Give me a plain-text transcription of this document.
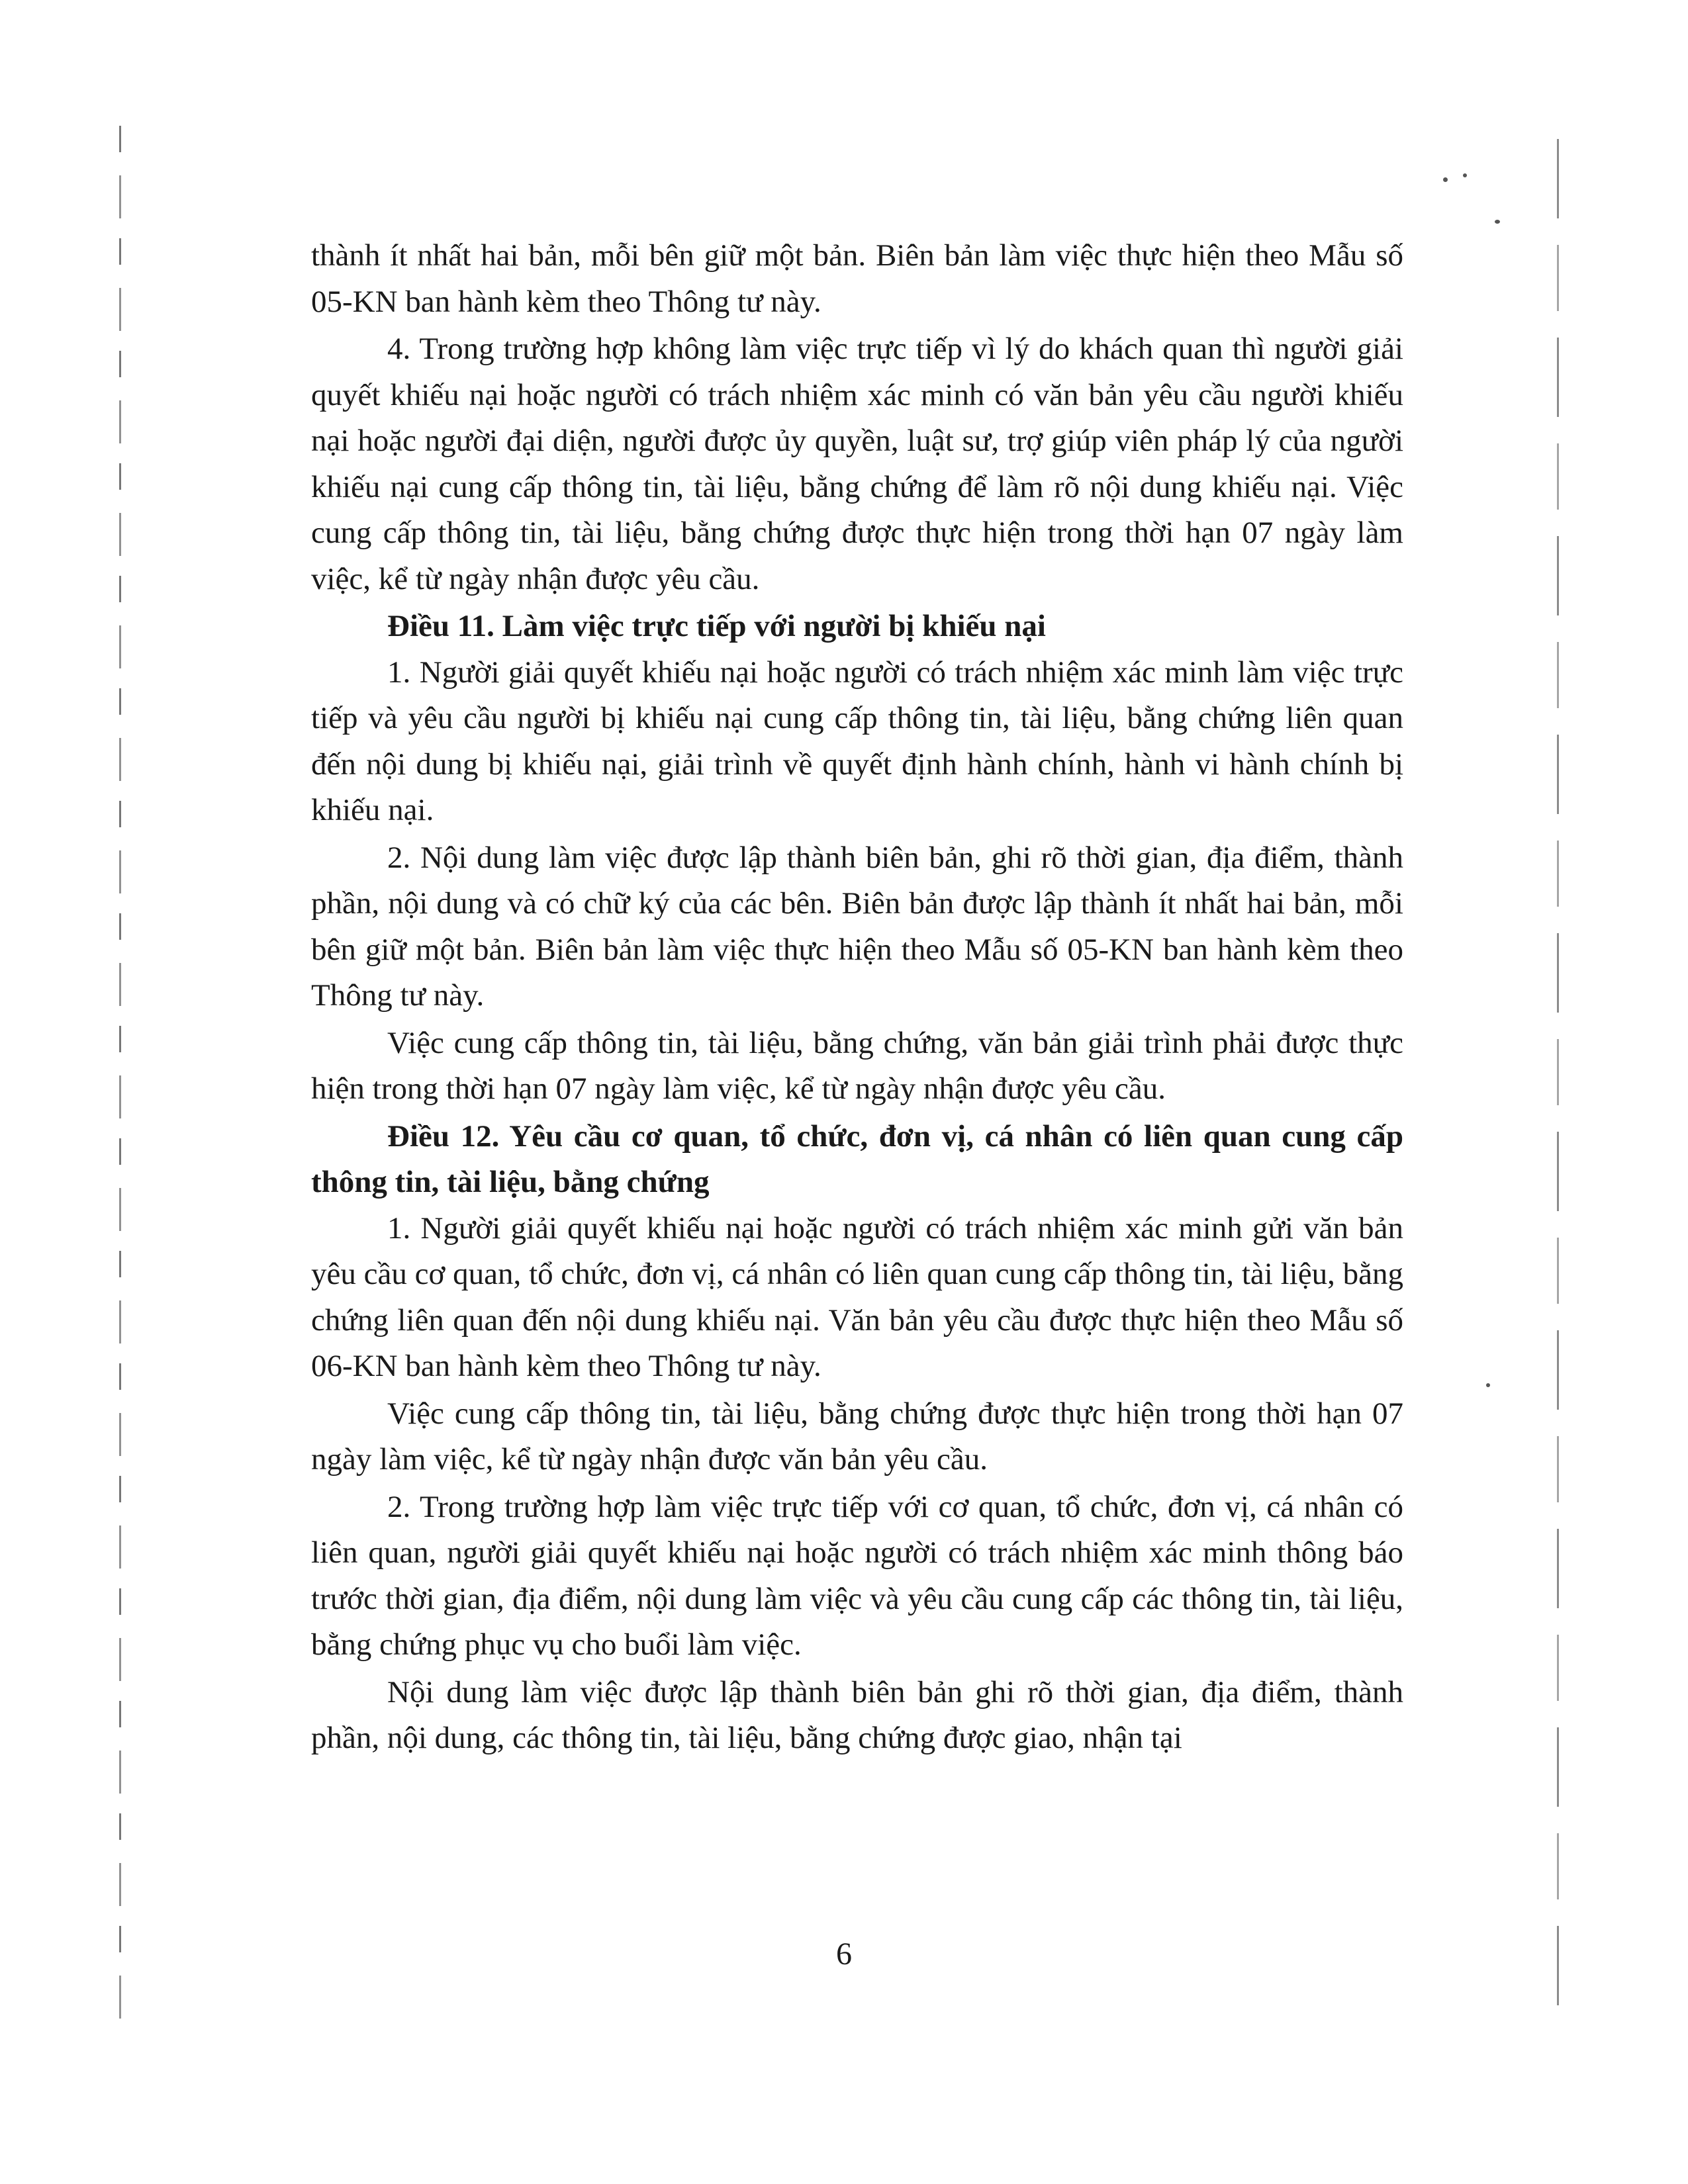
thành ít nhất hai bản, mỗi bên giữ một bản. Biên bản làm việc thực hiện theo Mẫu số 05-KN ban hành kèm theo Thông tư này.

4. Trong trường hợp không làm việc trực tiếp vì lý do khách quan thì người giải quyết khiếu nại hoặc người có trách nhiệm xác minh có văn bản yêu cầu người khiếu nại hoặc người đại diện, người được ủy quyền, luật sư, trợ giúp viên pháp lý của người khiếu nại cung cấp thông tin, tài liệu, bằng chứng để làm rõ nội dung khiếu nại. Việc cung cấp thông tin, tài liệu, bằng chứng được thực hiện trong thời hạn 07 ngày làm việc, kể từ ngày nhận được yêu cầu.

Điều 11. Làm việc trực tiếp với người bị khiếu nại

1. Người giải quyết khiếu nại hoặc người có trách nhiệm xác minh làm việc trực tiếp và yêu cầu người bị khiếu nại cung cấp thông tin, tài liệu, bằng chứng liên quan đến nội dung bị khiếu nại, giải trình về quyết định hành chính, hành vi hành chính bị khiếu nại.

2. Nội dung làm việc được lập thành biên bản, ghi rõ thời gian, địa điểm, thành phần, nội dung và có chữ ký của các bên. Biên bản được lập thành ít nhất hai bản, mỗi bên giữ một bản. Biên bản làm việc thực hiện theo Mẫu số 05-KN ban hành kèm theo Thông tư này.

Việc cung cấp thông tin, tài liệu, bằng chứng, văn bản giải trình phải được thực hiện trong thời hạn 07 ngày làm việc, kể từ ngày nhận được yêu cầu.

Điều 12. Yêu cầu cơ quan, tổ chức, đơn vị, cá nhân có liên quan cung cấp thông tin, tài liệu, bằng chứng

1. Người giải quyết khiếu nại hoặc người có trách nhiệm xác minh gửi văn bản yêu cầu cơ quan, tổ chức, đơn vị, cá nhân có liên quan cung cấp thông tin, tài liệu, bằng chứng liên quan đến nội dung khiếu nại. Văn bản yêu cầu được thực hiện theo Mẫu số 06-KN ban hành kèm theo Thông tư này.

Việc cung cấp thông tin, tài liệu, bằng chứng được thực hiện trong thời hạn 07 ngày làm việc, kể từ ngày nhận được văn bản yêu cầu.

2. Trong trường hợp làm việc trực tiếp với cơ quan, tổ chức, đơn vị, cá nhân có liên quan, người giải quyết khiếu nại hoặc người có trách nhiệm xác minh thông báo trước thời gian, địa điểm, nội dung làm việc và yêu cầu cung cấp các thông tin, tài liệu, bằng chứng phục vụ cho buổi làm việc.

Nội dung làm việc được lập thành biên bản ghi rõ thời gian, địa điểm, thành phần, nội dung, các thông tin, tài liệu, bằng chứng được giao, nhận tại

6
